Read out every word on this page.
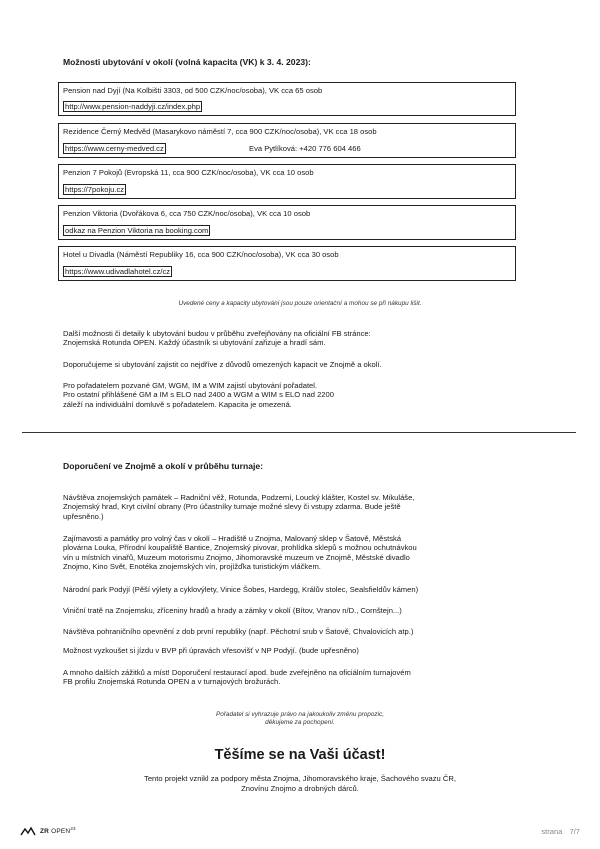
Možnosti ubytování v okolí (volná kapacita (VK) k 3. 4. 2023):
Pension nad Dyjí (Na Kolbišti 3303, od 500 CZK/noc/osoba), VK cca 65 osob
http://www.pension-naddyji.cz/index.php
Rezidence Černý Medvěd (Masarykovo náměstí 7, cca 900 CZK/noc/osoba), VK cca 18 osob
https://www.cerny-medved.cz	Eva Pytlíková: +420 776 604 466
Penzion 7 Pokojů (Evropská 11, cca 900 CZK/noc/osoba), VK cca 10 osob
https://7pokoju.cz
Penzion Viktoria (Dvořákova 6, cca 750 CZK/noc/osoba), VK cca 10 osob
odkaz na Penzion Viktoria na booking.com
Hotel u Divadla (Náměstí Republiky 16, cca 900 CZK/noc/osoba), VK cca 30 osob
https://www.udivadlahotel.cz/cz
Uvedené ceny a kapacity ubytování jsou pouze orientační a mohou se při nákupu lišit.
Další možnosti či detaily k ubytování budou v průběhu zveřejňovány na oficiální FB stránce:
Znojemská Rotunda OPEN. Každý účastník si ubytování zařizuje a hradí sám.
Doporučujeme si ubytování zajistit co nejdříve z důvodů omezených kapacit ve Znojmě a okolí.
Pro pořadatelem pozvané GM, WGM, IM a WIM zajistí ubytování pořadatel.
Pro ostatní přihlášené GM a IM s ELO nad 2400 a WGM a WIM s ELO nad 2200
záleží na individuální domluvě s pořadatelem. Kapacita je omezená.
Doporučení ve Znojmě a okolí v průběhu turnaje:
Návštěva znojemských památek – Radniční věž, Rotunda, Podzemí, Loucký klášter, Kostel sv. Mikuláše,
Znojemský hrad, Kryt civilní obrany (Pro účastníky turnaje možné slevy či vstupy zdarma. Bude ještě
upřesněno.)
Zajímavosti a památky pro volný čas v okolí – Hradiště u Znojma, Malovaný sklep v Šatově, Městská
plovárna Louka, Přírodní koupaliště Bantice, Znojemský pivovar, prohlídka sklepů s možnou ochutnávkou
vín u místních vinařů, Muzeum motorismu Znojmo, Jihomoravské muzeum ve Znojmě, Městské divadlo
Znojmo, Kino Svět, Enotéka znojemských vín, projížďka turistickým vláčkem.
Národní park Podyjí (Pěší výlety a cyklovýlety, Vinice Šobes, Hardegg, Králův stolec, Sealsfieldův kámen)
Viniční tratě na Znojemsku, zříceniny hradů a hrady a zámky v okolí (Bítov, Vranov n/D., Cornštejn...)
Návštěva pohraničního opevnění z dob první republiky (např. Pěchotní srub v Šatově, Chvalovicích atp.)
Možnost vyzkoušet si jízdu v BVP při úpravách vřesovišť v NP Podyjí. (bude upřesněno)
A mnoho dalších zážitků a míst! Doporučení restaurací apod. bude zveřejněno na oficiálním turnajovém
FB profilu Znojemská Rotunda OPEN a v turnajových brožurách.
Pořadatel si vyhrazuje právo na jakoukoliv změnu propozic,
děkujeme za pochopení.
Těšíme se na Vaši účast!
Tento projekt vznikl za podpory města Znojma, Jihomoravského kraje, Šachového svazu ČR,
Znovínu Znojmo a drobných dárců.
ZR OPEN$^{23}$	strana 7/7
